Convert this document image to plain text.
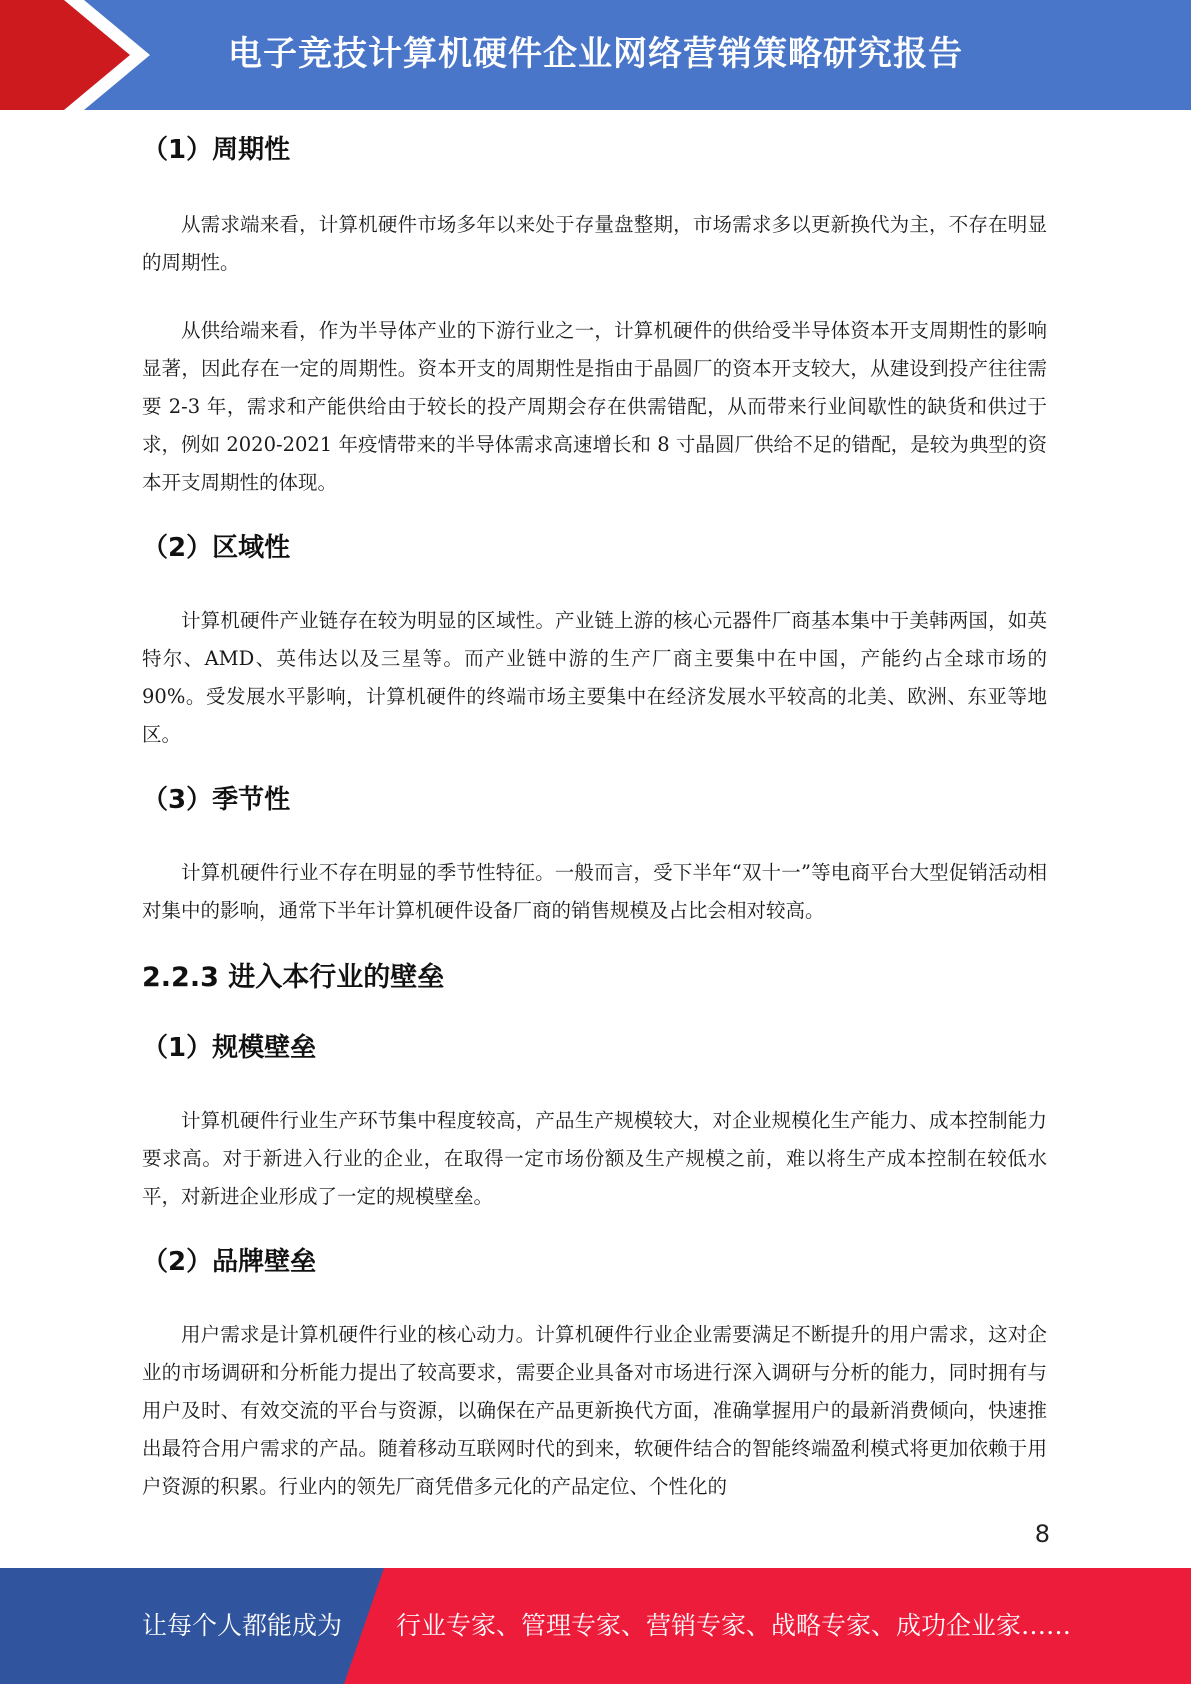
电子竞技计算机硬件企业网络营销策略研究报告
（1）周期性

从需求端来看，计算机硬件市场多年以来处于存量盘整期，市场需求多以更新换代为主，不存在明显的周期性。

从供给端来看，作为半导体产业的下游行业之一，计算机硬件的供给受半导体资本开支周期性的影响显著，因此存在一定的周期性。资本开支的周期性是指由于晶圆厂的资本开支较大，从建设到投产往往需要 2-3 年，需求和产能供给由于较长的投产周期会存在供需错配，从而带来行业间歇性的缺货和供过于求，例如 2020-2021 年疫情带来的半导体需求高速增长和 8 寸晶圆厂供给不足的错配，是较为典型的资本开支周期性的体现。

（2）区域性

计算机硬件产业链存在较为明显的区域性。产业链上游的核心元器件厂商基本集中于美韩两国，如英特尔、AMD、英伟达以及三星等。而产业链中游的生产厂商主要集中在中国，产能约占全球市场的 90%。受发展水平影响，计算机硬件的终端市场主要集中在经济发展水平较高的北美、欧洲、东亚等地区。

（3）季节性

计算机硬件行业不存在明显的季节性特征。一般而言，受下半年“双十一”等电商平台大型促销活动相对集中的影响，通常下半年计算机硬件设备厂商的销售规模及占比会相对较高。

2.2.3 进入本行业的壁垒
（1）规模壁垒

计算机硬件行业生产环节集中程度较高，产品生产规模较大，对企业规模化生产能力、成本控制能力要求高。对于新进入行业的企业，在取得一定市场份额及生产规模之前，难以将生产成本控制在较低水平，对新进企业形成了一定的规模壁垒。

（2）品牌壁垒

用户需求是计算机硬件行业的核心动力。计算机硬件行业企业需要满足不断提升的用户需求，这对企业的市场调研和分析能力提出了较高要求，需要企业具备对市场进行深入调研与分析的能力，同时拥有与用户及时、有效交流的平台与资源，以确保在产品更新换代方面，准确掌握用户的最新消费倾向，快速推出最符合用户需求的产品。随着移动互联网时代的到来，软硬件结合的智能终端盈利模式将更加依赖于用户资源的积累。行业内的领先厂商凭借多元化的产品定位、个性化的

8
让每个人都能成为 行业专家、管理专家、营销专家、战略专家、成功企业家……
